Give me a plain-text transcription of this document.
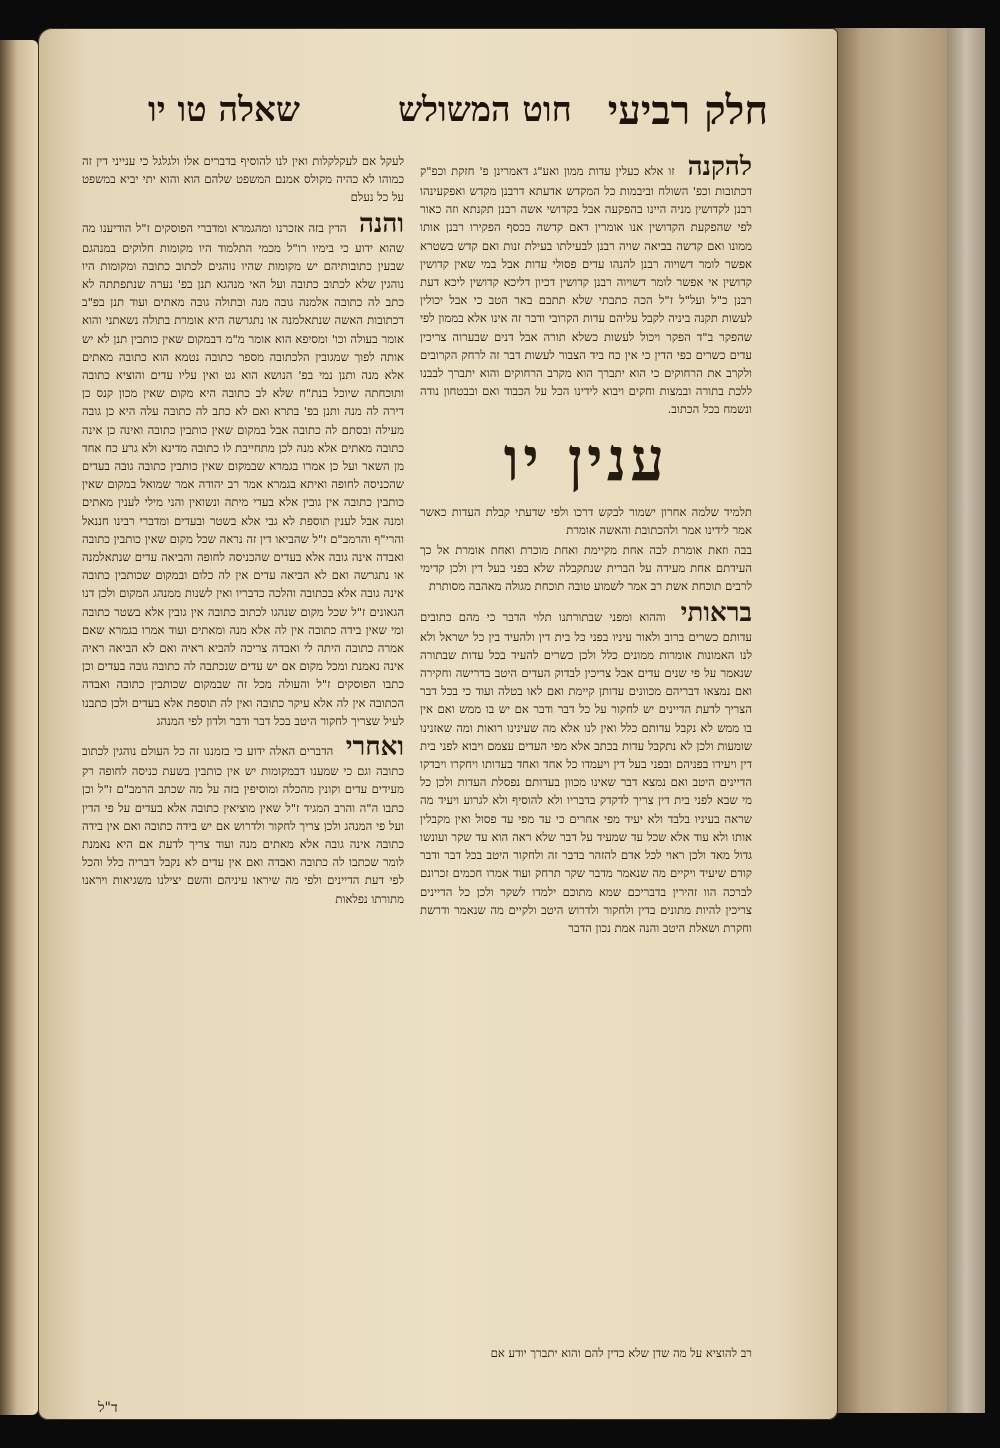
חלק רביעי
חוט המשולש
שאלה טו יו

להקנה זו אלא כעלין עדות ממון ואע"ג דאמרינן פ' חזקת וכפ"ק דכתובות וכפ' השולח וביבמות כל המקדש אדעתא דרבנן מקדש ואפקעינהו רבנן לקדושין מניה היינו בהפקעה אבל בקדושי אשה רבנן תקנתא וזה כאור לפי שהפקעת הקדושין אנו אומרין דאם קדשה בכסף הפקירו רבנן אותו ממונו ואם קדשה בביאה שויה רבנן לבעילתו בעילת זנות ואם קדש בשטרא אפשר לומר דשויוה רבנן להנהו עדים פסולי עדות אבל במי שאין קדושין קדושין אי אפשר לומר דשויוה רבנן קדושין דכיון דליכא קדושין ליכא דעת רבנן כ"ל ועל"ל ז"ל הכה כתבתי שלא תתבם באר הטב כי אבל יכולין לעשות תקנה ביניה לקבל עליהם עדות הקרובי ודבר זה אינו אלא בממון לפי שהפקר ב"ד הפקר ויכול לעשות כשלא תורה אבל דנים שבערוה צריכין עדים כשרים כפי הדין כי אין כח ביד הצבור לעשות דבר זה לרחק הקרובים ולקרב את הרחוקים כי הוא יתברך הוא מקרב הרחוקים והוא יתברך לבבנו ללכת בתורה ובמצות וחקים ויבוא לידינו הכל על הכבוד ואם ובבטחון נודה ונשמח בכל הכתוב.

ענין יו

תלמיד שלמה אחרון ישמור לבקש דרכו ולפי שדעתי קבלת העדות כאשר אמר לידינו אמר ולהכתובת והאשה אומרת

בבה וזאת אומרת לבה אחת מקיימת ואחת מוכרת ואחת אומרת אל כך העידתם אחת מעידה על הברית שנתקבלה שלא בפני בעל דין ולכן קדימי לרבים תוכחת אשת רב אמר לשמוע טובה תוכחת מגולה מאהבה מסותרת

בראותי וההוא ומפני שבתורתנו תלוי הדבר כי מהם כתובים עדותם כשרים ברוב ולאור עיניו בפני כל בית דין ולהעיד בין כל ישראל ולא לנו האמונות אומרות ממונים כלל ולכן כשרים להעיד בכל עדות שבתורה שנאמר על פי שנים עדים אבל צריכין לבדוק העדים היטב בדרישה וחקירה ואם נמצאו דבריהם מכוונים עדותן קיימת ואם לאו בטלה ועוד כי בכל דבר הצריך לדעת הדיינים יש לחקור על כל דבר ודבר אם יש בו ממש ואם אין בו ממש לא נקבל עדותם כלל ואין לנו אלא מה שעינינו רואות ומה שאזנינו שומעות ולכן לא נתקבל עדות בכתב אלא מפי העדים עצמם ויבוא לפני בית דין ויעידו בפניהם ובפני בעל דין ויעמדו כל אחד ואחד בעדותו ויחקרו ויבדקו הדיינים היטב ואם נמצא דבר שאינו מכוון בעדותם נפסלת העדות ולכן כל מי שבא לפני בית דין צריך לדקדק בדבריו ולא להוסיף ולא לגרוע ויעיד מה שראה בעיניו בלבד ולא יעיד מפי אחרים כי עד מפי עד פסול ואין מקבלין אותו ולא עוד אלא שכל עד שמעיד על דבר שלא ראה הוא עד שקר ועונשו גדול מאד ולכן ראוי לכל אדם להזהר בדבר זה ולחקור היטב בכל דבר ודבר קודם שיעיד ויקיים מה שנאמר מדבר שקר תרחק ועוד אמרו חכמים זכרונם לברכה הוו זהירין בדבריכם שמא מתוכם ילמדו לשקר ולכן כל הדיינים צריכין להיות מתונים בדין ולחקור ולדרוש היטב ולקיים מה שנאמר ודרשת וחקרת ושאלת היטב והנה אמת נכון הדבר

רב להוציא על מה שדן שלא כדין להם והוא יתברך יודע אם

לעקל אם לעקלקלות ואין לנו להוסיף בדברים אלו ולגלגל כי ענייני דין זה כמוהו לא כהיה מקולס אמנם המשפט שלהם הוא והוא יתי יביא במשפט על כל נעלם

והנה הדין בזה אזכרנו ומהגמרא ומדברי הפוסקים ז"ל הודיענו מה שהוא ידוע כי בימיו רו"ל מכמי התלמוד היו מקומות חלוקים במנהגם שבעין כתובותיהם יש מקומות שהיו נוהגים לכתוב כתובה ומקומות היו נוהגין שלא לכתוב כתובה ועל האי מנהגא תנן בפ' נערה שנתפתתה לא כתב לה כתובה אלמנה גובה מנה ובתולה גובה מאתים ועוד תנן בפ"ב דכתובות האשה שנתאלמנה או נתגרשה היא אומרת בתולה נשאתני והוא אומר בעולה וכו' ומסיפא הוא אומר מ"מ דבמקום שאין כותבין תנן לא יש אותה לפוך שמגובין הלכתובה מספר כתובה נטמא הוא כתובה מאתים אלא מנה ותנן נמי בפ' הנושא הוא גט ואין עליו עדים והוציא כתובה ותוכחתה שיוכל בנת"ח שלא לב כתובה היא מקום שאין מכון קנס כן דירה לה מנה ותנן בפ' בתרא ואם לא כתב לה כתובה עלה היא כן גובה מעילה ובסתם לה כתובה אבל במקום שאין כותבין כתובה ואינה כן אינה כתובה מאתים אלא מנה לכן מתחייבת לו כתובה מדינא ולא גרע כח אחד מן השאר ועל כן אמרו בגמרא שבמקום שאין כותבין כתובה גובה בעדים שהכניסה לחופה ואיתא בגמרא אמר רב יהודה אמר שמואל במקום שאין כותבין כתובה אין גובין אלא בעדי מיתה ונשואין והני מילי לענין מאתים ומנה אבל לענין תוספת לא גבי אלא בשטר ובעדים ומדברי רבינו חננאל והרי"ף והרמב"ם ז"ל שהביאו דין זה נראה שכל מקום שאין כותבין כתובה ואבדה אינה גובה אלא בעדים שהכניסה לחופה והביאה עדים שנתאלמנה או נתגרשה ואם לא הביאה עדים אין לה כלום ובמקום שכותבין כתובה אינה גובה אלא בכתובה והלכה כדבריו ואין לשנות ממנהג המקום ולכן דנו הגאונים ז"ל שכל מקום שנהגו לכתוב כתובה אין גובין אלא בשטר כתובה ומי שאין בידה כתובה אין לה אלא מנה ומאתים ועוד אמרו בגמרא שאם אמרה כתובה היתה לי ואבדה צריכה להביא ראיה ואם לא הביאה ראיה אינה נאמנת ומכל מקום אם יש עדים שנכתבה לה כתובה גובה בעדים וכן כתבו הפוסקים ז"ל והעולה מכל זה שבמקום שכותבין כתובה ואבדה הכתובה אין לה אלא עיקר כתובה ואין לה תוספת אלא בעדים ולכן כתבנו לעיל שצריך לחקור היטב בכל דבר ודבר ולדון לפי המנהג

ואחרי הדברים האלה ידוע כי בזמננו זה כל העולם נוהגין לכתוב כתובה וגם כי שמענו דבמקומות יש אין כותבין בשעת כניסה לחופה רק מעידים עדים וקונין מהכלה ומוסיפין בזה על מה שכתב הרמב"ם ז"ל וכן כתבו ה"ה והרב המגיד ז"ל שאין מוציאין כתובה אלא בעדים על פי הדין ועל פי המנהג ולכן צריך לחקור ולדרוש אם יש בידה כתובה ואם אין בידה כתובה אינה גובה אלא מאתים מנה ועוד צריך לדעת אם היא נאמנת לומר שכתבו לה כתובה ואבדה ואם אין עדים לא נקבל דבריה כלל והכל לפי דעת הדיינים ולפי מה שיראו עיניהם והשם יצילנו משגיאות ויראנו מתורתו נפלאות

ד"ל
